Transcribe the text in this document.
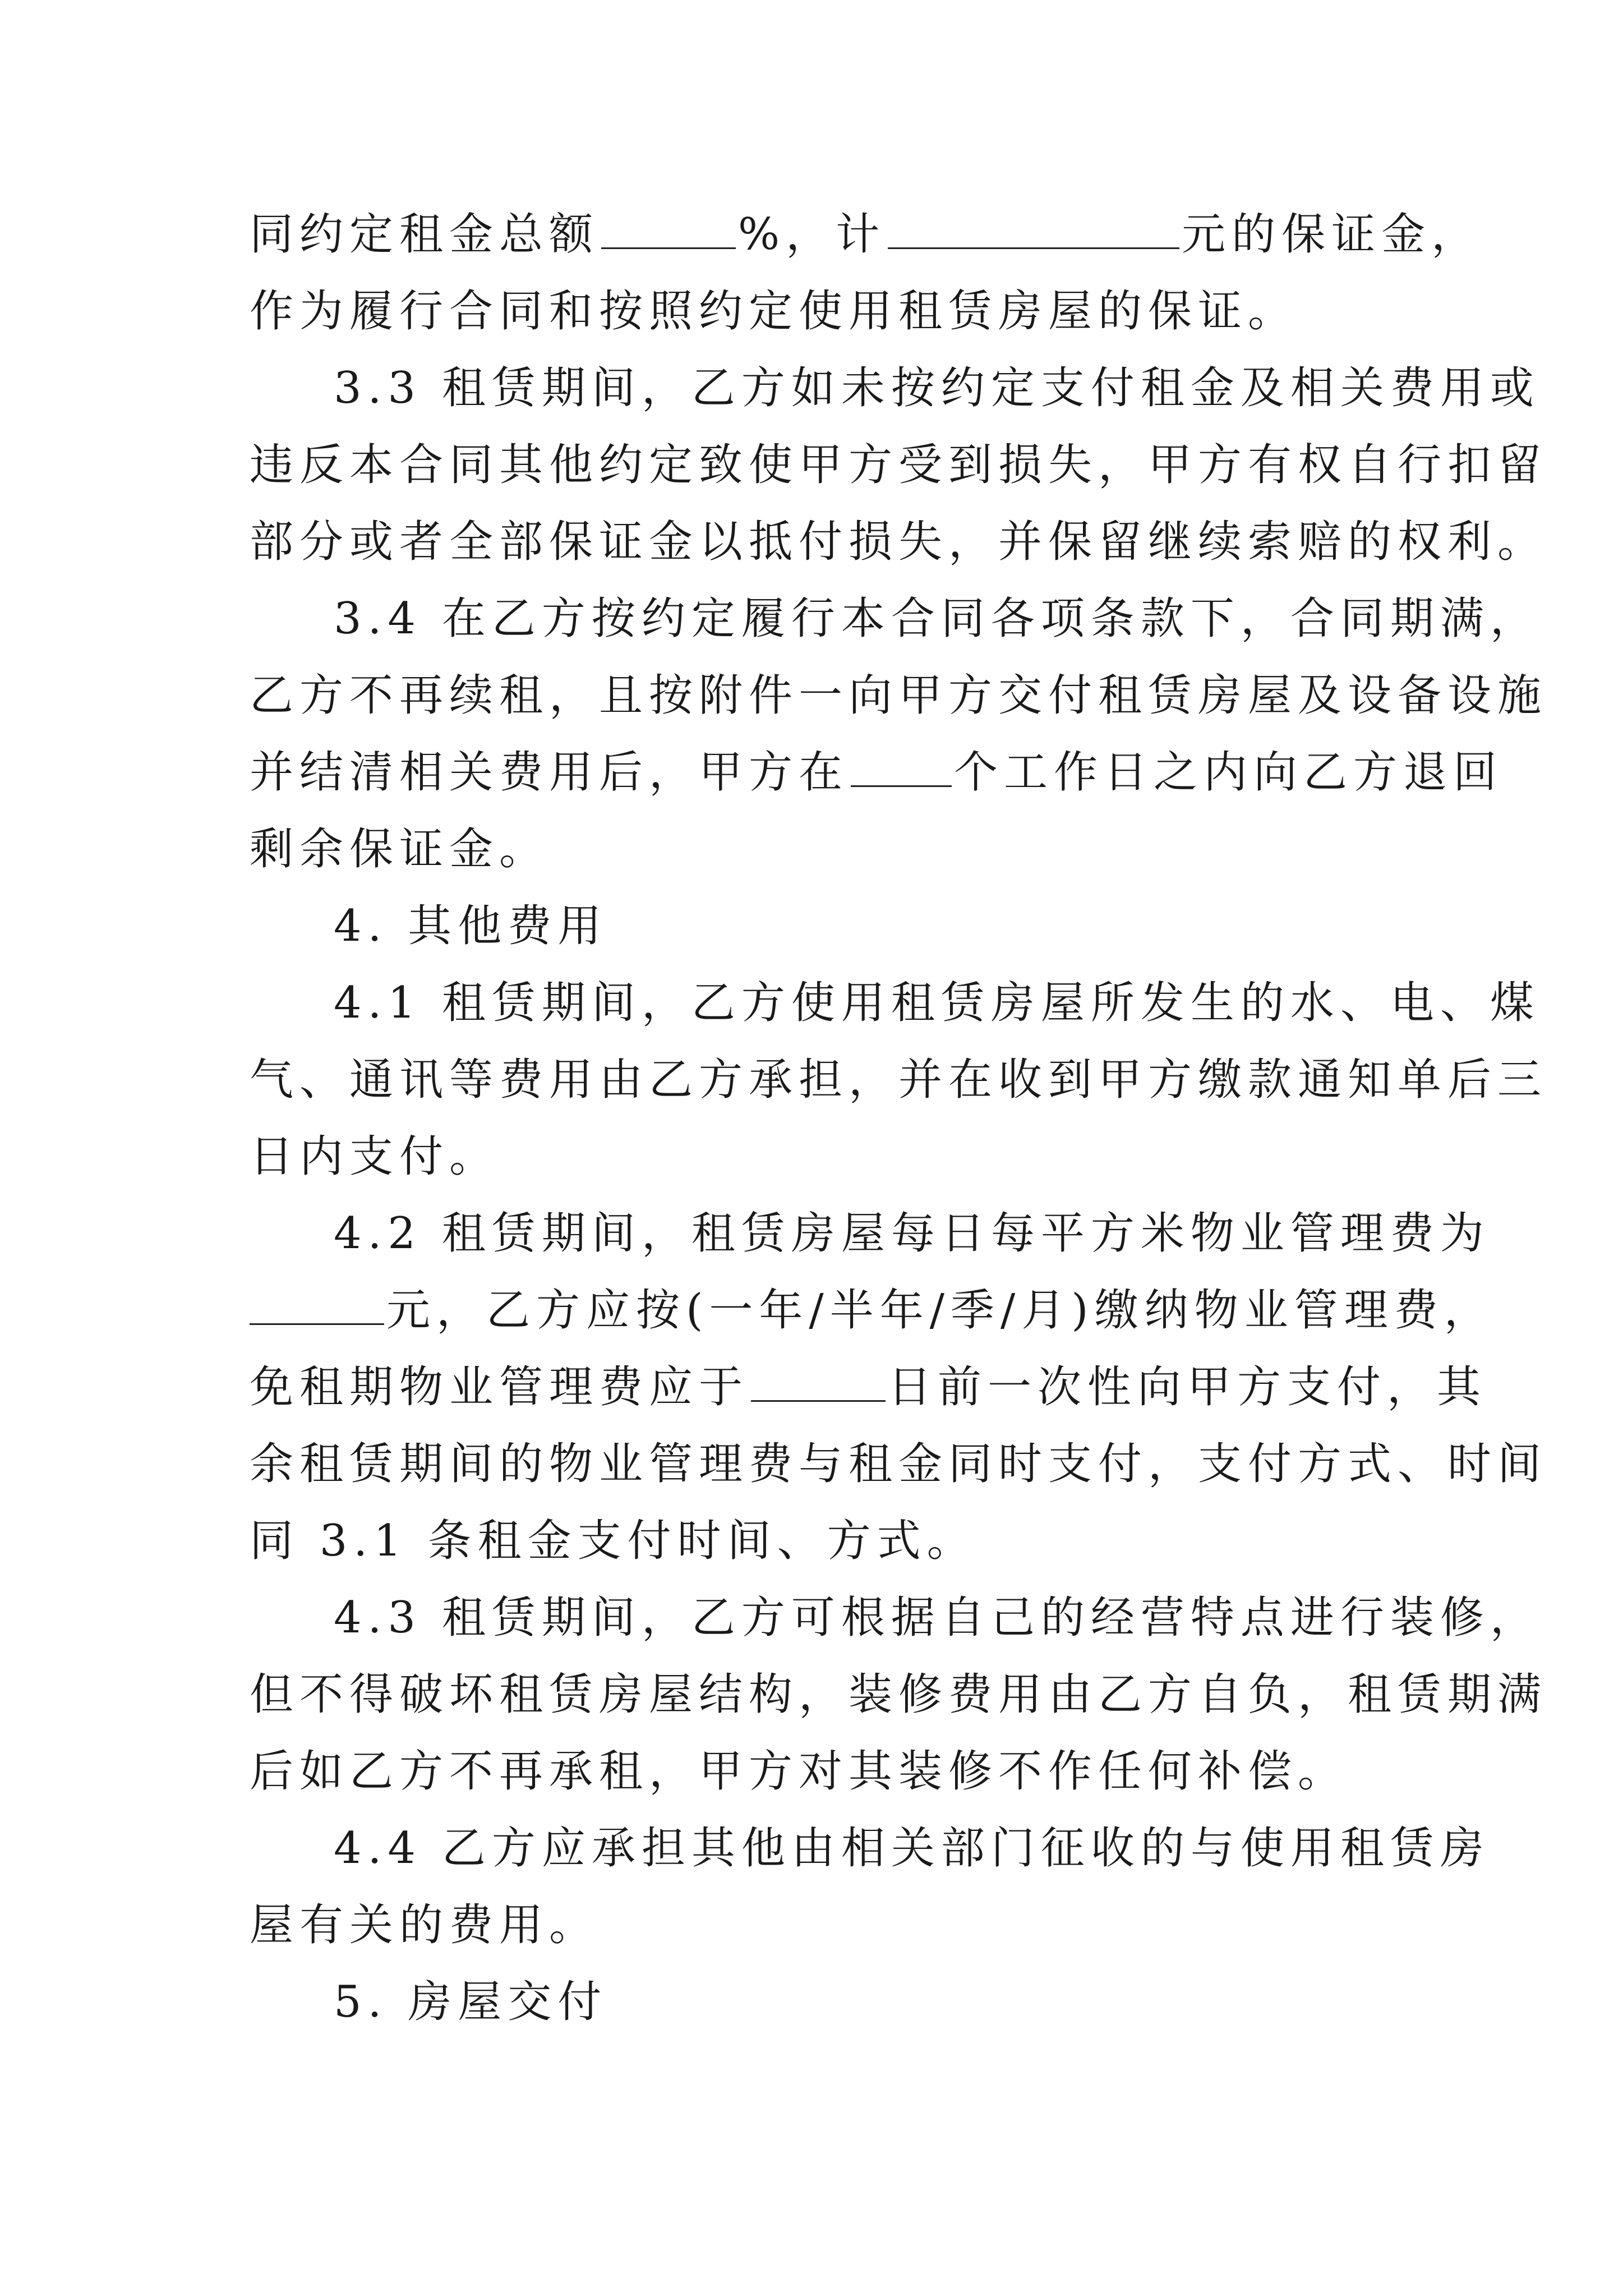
同约定租金总额	%，计	元的保证金，
作为履行合同和按照约定使用租赁房屋的保证。
3.3 租赁期间，乙方如未按约定支付租金及相关费用或
违反本合同其他约定致使甲方受到损失，甲方有权自行扣留
部分或者全部保证金以抵付损失，并保留继续索赔的权利。
3.4 在乙方按约定履行本合同各项条款下，合同期满，
乙方不再续租，且按附件一向甲方交付租赁房屋及设备设施
并结清相关费用后，甲方在 个工作日之内向乙方退回
剩余保证金。
4. 其他费用
4.1 租赁期间，乙方使用租赁房屋所发生的水、电、煤
气、通讯等费用由乙方承担，并在收到甲方缴款通知单后三
日内支付。
4.2 租赁期间，租赁房屋每日每平方米物业管理费为
元，乙方应按(一年/半年/季/月)缴纳物业管理费，
免租期物业管理费应于	日前一次性向甲方支付，其
余租赁期间的物业管理费与租金同时支付，支付方式、时间
同 3.1 条租金支付时间、方式。
4.3 租赁期间，乙方可根据自己的经营特点进行装修，
但不得破坏租赁房屋结构，装修费用由乙方自负，租赁期满
后如乙方不再承租，甲方对其装修不作任何补偿。
4.4 乙方应承担其他由相关部门征收的与使用租赁房
屋有关的费用。
5. 房屋交付
